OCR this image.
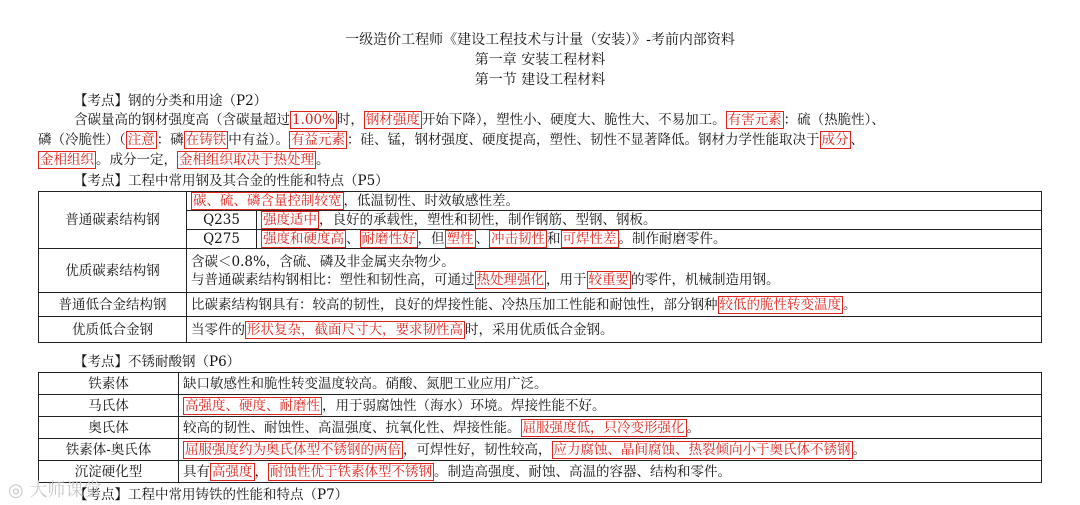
一级造价工程师《建设工程技术与计量（安装）》-考前内部资料
第一章 安装工程材料
第一节 建设工程材料
【考点】钢的分类和用途（P2）
含碳量高的钢材强度高（含碳量超过 1.00% 时， 钢材强度 开始下降），塑性小、硬度大、脆性大、不易加工。 有害元素 ：硫（热脆性）、
磷（冷脆性）（ 注意 ：磷 在铸铁 中有益）。 有益元素 ：硅、锰，钢材强度、硬度提高，塑性、韧性不显著降低。钢材力学性能取决于 成分 、
金相组织 。成分一定， 金相组织取决于热处理 。
【考点】工程中常用钢及其合金的性能和特点（P5）
普通碳素结构钢	碳、硫、磷含量控制较宽 ，低温韧性、时效敏感性差。	
	Q235	强度适中 ，良好的承载性，塑性和韧性，制作钢筋、型钢、钢板。
	Q275	强度和硬度高 、 耐磨性好 ，但 塑性 、 冲击韧性 和 可焊性差 。制作耐磨零件。
优质碳素结构钢	含碳＜0.8%，含硫、磷及非金属夹杂物少。
与普通碳素结构钢相比：塑性和韧性高，可通过 热处理强化 ，用于 较重要 的零件，机械制造用钢。	

普通低合金结构钢	比碳素结构钢具有：较高的韧性，良好的焊接性能、冷热压加工性能和耐蚀性，部分钢种 较低的脆性转变温度 。	
优质低合金钢	当零件的 形状复杂，截面尺寸大，要求韧性高 时，采用优质低合金钢。	
【考点】不锈耐酸钢（P6）
铁素体	缺口敏感性和脆性转变温度较高。硝酸、氮肥工业应用广泛。
马氏体	高强度、硬度、耐磨性 ，用于弱腐蚀性（海水）环境。焊接性能不好。
奥氏体	较高的韧性、耐蚀性、高温强度、抗氧化性、焊接性能。 屈服强度低，只冷变形强化 。
铁素体-奥氏体	屈服强度约为奥氏体型不锈钢的两倍 ，可焊性好，韧性较高， 应力腐蚀、晶间腐蚀、热裂倾向小于奥氏体不锈钢 。
沉淀硬化型	具有 高强度 ， 耐蚀性优于铁素体型不锈钢 。制造高强度、耐蚀、高温的容器、结构和零件。
【考点】工程中常用铸铁的性能和特点（P7）
◎ 大师课堂
